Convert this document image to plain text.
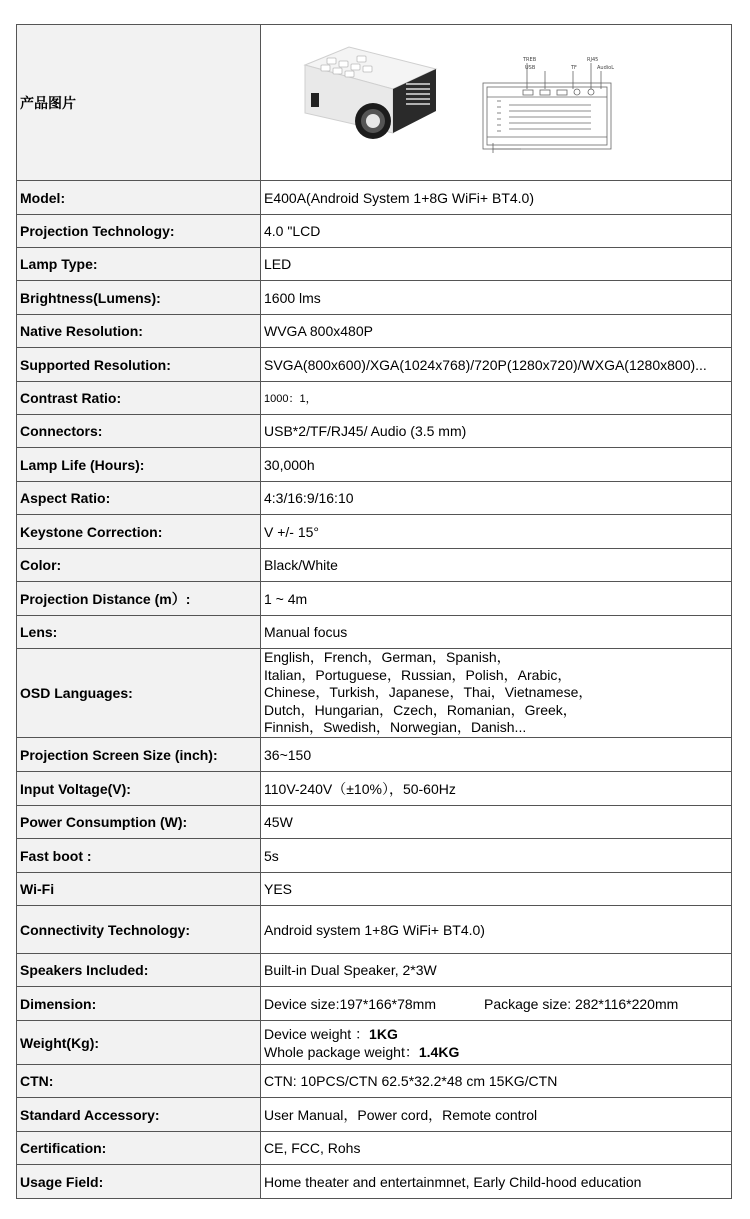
产品图片	TREB
USB TF
RJ45
AudioL

Model:	E400A(Android System 1+8G WiFi+ BT4.0)
Projection Technology:	4.0 "LCD
Lamp Type:	LED
Brightness(Lumens):	1600 lms
Native Resolution:	WVGA 800x480P
Supported Resolution:	SVGA(800x600)/XGA(1024x768)/720P(1280x720)/WXGA(1280x800)...
Contrast Ratio:	1000：1，
Connectors:	USB*2/TF/RJ45/ Audio (3.5 mm)
Lamp Life (Hours):	30,000h
Aspect Ratio:	4:3/16:9/16:10
Keystone Correction:	V +/- 15°
Color:	Black/White
Projection Distance (m）:	1 ~ 4m
Lens:	Manual focus
OSD Languages:	English，French，German，Spanish，
Italian，Portuguese，Russian，Polish，Arabic，
Chinese，Turkish，Japanese，Thai，Vietnamese，
Dutch，Hungarian，Czech，Romanian，Greek，
Finnish，Swedish，Norwegian，Danish...

Projection Screen Size (inch):	36~150
Input Voltage(V):	110V-240V（±10%），50-60Hz
Power Consumption (W):	45W
Fast boot :	5s
Wi-Fi	YES
Connectivity Technology:	Android system 1+8G WiFi+ BT4.0)
Speakers Included:	Built-in Dual Speaker, 2*3W
Dimension:	Device size:197*166*78mm Package size: 282*116*220mm
Weight(Kg):	Device weight ：1KG
Whole package weight：1.4KG

CTN:	CTN: 10PCS/CTN 62.5*32.2*48 cm 15KG/CTN
Standard Accessory:	User Manual，Power cord，Remote control
Certification:	CE, FCC, Rohs
Usage Field:	Home theater and entertainmnet, Early Child-hood education
